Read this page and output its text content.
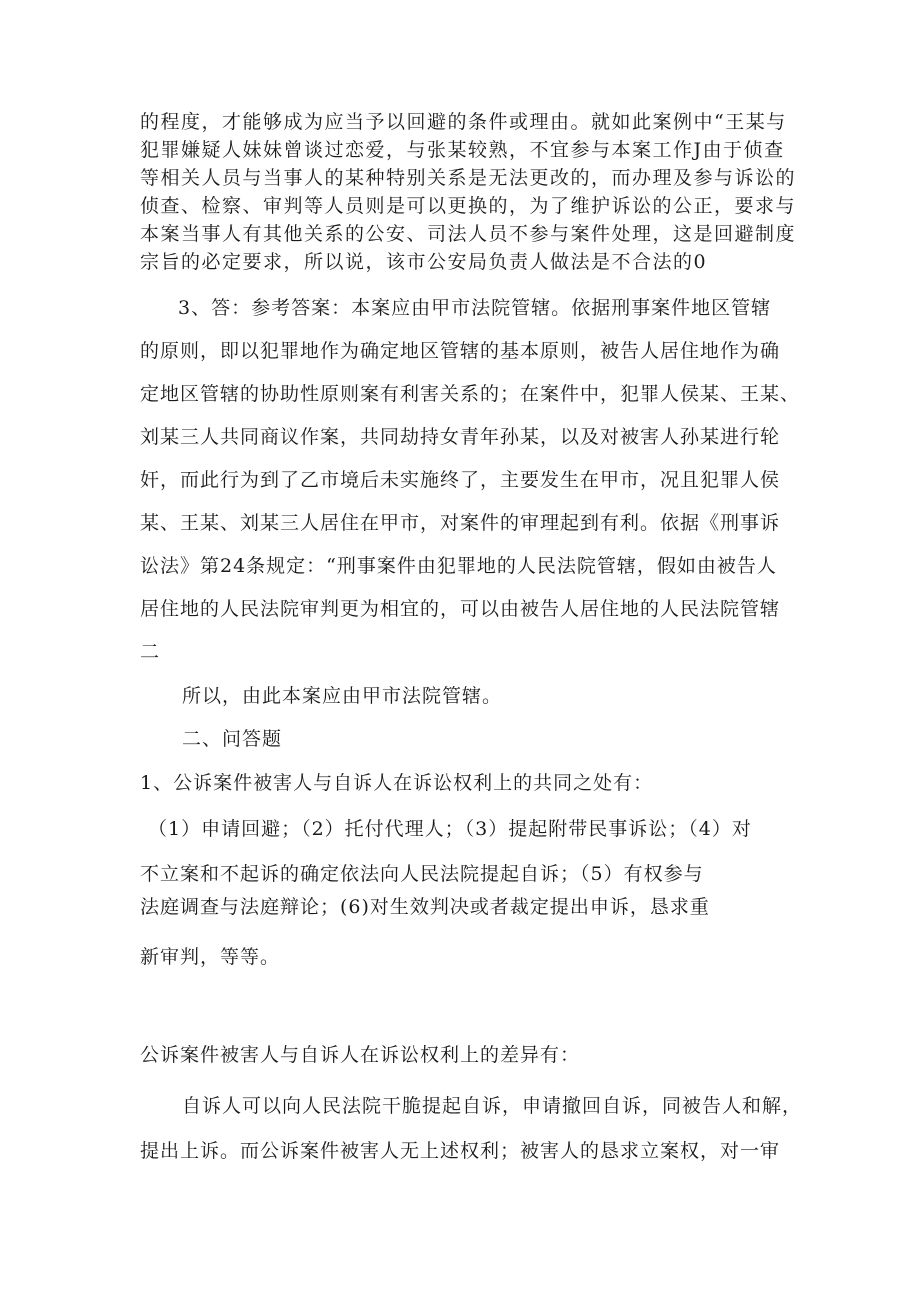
的程度，才能够成为应当予以回避的条件或理由。就如此案例中“王某与
犯罪嫌疑人妹妹曾谈过恋爱，与张某较熟，不宜参与本案工作J由于侦查
等相关人员与当事人的某种特别关系是无法更改的，而办理及参与诉讼的
侦查、检察、审判等人员则是可以更换的，为了维护诉讼的公正，要求与
本案当事人有其他关系的公安、司法人员不参与案件处理，这是回避制度
宗旨的必定要求，所以说，该市公安局负责人做法是不合法的0
3、答：参考答案：本案应由甲市法院管辖。依据刑事案件地区管辖
的原则，即以犯罪地作为确定地区管辖的基本原则，被告人居住地作为确
定地区管辖的协助性原则案有利害关系的；在案件中，犯罪人侯某、王某、
刘某三人共同商议作案，共同劫持女青年孙某，以及对被害人孙某进行轮
奸，而此行为到了乙市境后未实施终了，主要发生在甲市，况且犯罪人侯
某、王某、刘某三人居住在甲市，对案件的审理起到有利。依据《刑事诉
讼法》第24条规定：“刑事案件由犯罪地的人民法院管辖，假如由被告人
居住地的人民法院审判更为相宜的，可以由被告人居住地的人民法院管辖
二
所以，由此本案应由甲市法院管辖。
二、问答题
1、公诉案件被害人与自诉人在诉讼权利上的共同之处有：
（1）申请回避；（2）托付代理人；（3）提起附带民事诉讼；（4）对
不立案和不起诉的确定依法向人民法院提起自诉；（5）有权参与
法庭调查与法庭辩论；(6)对生效判决或者裁定提出申诉，恳求重
新审判，等等。
公诉案件被害人与自诉人在诉讼权利上的差异有：
自诉人可以向人民法院干脆提起自诉，申请撤回自诉，同被告人和解，
提出上诉。而公诉案件被害人无上述权利；被害人的恳求立案权，对一审
